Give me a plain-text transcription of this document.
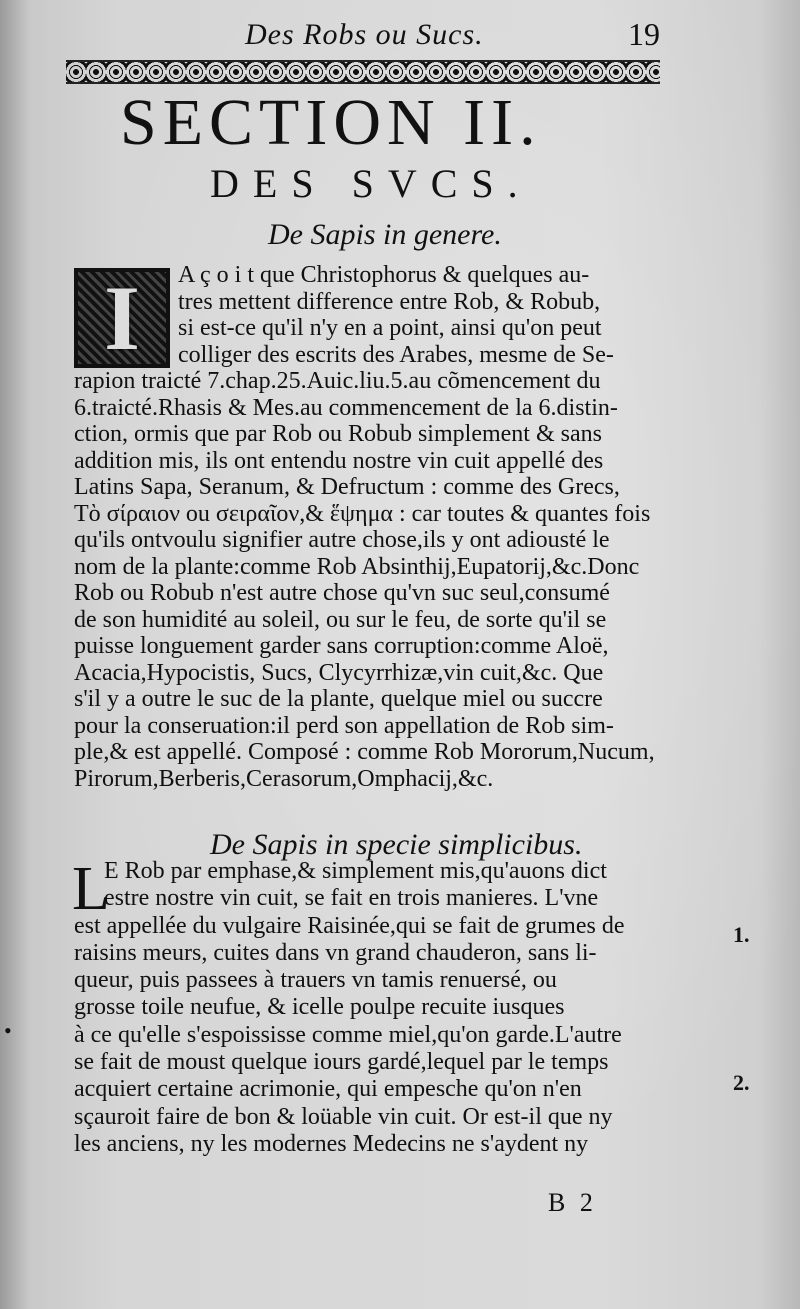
Des Robs ou Sucs.	19
SECTION II.
DES SVCS.
De Sapis in genere.
I A ç o i t que Christophorus & quelques au-
tres mettent difference entre Rob, & Robub,
si est-ce qu'il n'y en a point, ainsi qu'on peut
colliger des escrits des Arabes, mesme de Se-
rapion traicté 7.chap.25.Auic.liu.5.au cõmencement du
6.traicté.Rhasis & Mes.au commencement de la 6.distin-
ction, ormis que par Rob ou Robub simplement & sans
addition mis, ils ont entendu nostre vin cuit appellé des
Latins Sapa, Seranum, & Defructum : comme des Grecs,
Τὸ σίραιον ou σειραῖον,& ἕψημα : car toutes & quantes fois
qu'ils ontvoulu signifier autre chose,ils y ont adiousté le
nom de la plante:comme Rob Absinthij,Eupatorij,&c.Donc
Rob ou Robub n'est autre chose qu'vn suc seul,consumé
de son humidité au soleil, ou sur le feu, de sorte qu'il se
puisse longuement garder sans corruption:comme Aloë,
Acacia,Hypocistis, Sucs, Clycyrrhizæ,vin cuit,&c. Que
s'il y a outre le suc de la plante, quelque miel ou succre
pour la conseruation:il perd son appellation de Rob sim-
ple,& est appellé. Composé : comme Rob Mororum,Nucum,
Pirorum,Berberis,Cerasorum,Omphacij,&c.
De Sapis in specie simplicibus.
L
E Rob par emphase,& simplement mis,qu'auons dict
estre nostre vin cuit, se fait en trois manieres. L'vne
est appellée du vulgaire Raisinée,qui se fait de grumes de
raisins meurs, cuites dans vn grand chauderon, sans li-
queur, puis passees à trauers vn tamis renuersé, ou
grosse toile neufue, & icelle poulpe recuite iusques
à ce qu'elle s'espoississe comme miel,qu'on garde.L'autre
se fait de moust quelque iours gardé,lequel par le temps
acquiert certaine acrimonie, qui empesche qu'on n'en
sçauroit faire de bon & loüable vin cuit. Or est-il que ny
les anciens, ny les modernes Medecins ne s'aydent ny
1.
2.
•
B 2
